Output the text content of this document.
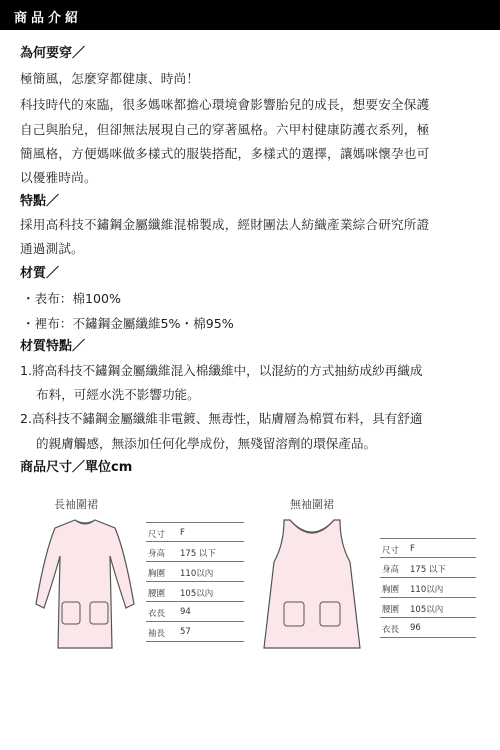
商品介紹
為何要穿／
極簡風，怎麼穿都健康、時尚！
科技時代的來臨，很多媽咪都擔心環境會影響胎兒的成長，想要安全保護
自己與胎兒，但卻無法展現自己的穿著風格。六甲村健康防護衣系列，極
簡風格，方便媽咪做多樣式的服裝搭配，多樣式的選擇，讓媽咪懷孕也可
以優雅時尚。
特點／
採用高科技不鏽鋼金屬纖維混棉製成，經財團法人紡織產業綜合研究所證
通過測試。
材質／
・表布：棉100%
・裡布：不鏽鋼金屬纖維5%・棉95%
材質特點／
1.將高科技不鏽鋼金屬纖維混入棉纖維中，以混紡的方式抽紡成紗再織成
布料，可經水洗不影響功能。
2.高科技不鏽鋼金屬纖維非電鍍、無毒性，貼膚層為棉質布料，具有舒適
的親膚觸感，無添加任何化學成份，無殘留溶劑的環保產品。
商品尺寸／單位cm
長袖圍裙
尺寸 F
身高 175 以下
胸圍 110以內
腰圍 105以內
衣長 94
袖長 57
無袖圍裙
尺寸 F
身高 175 以下
胸圍 110以內
腰圍 105以內
衣長 96
